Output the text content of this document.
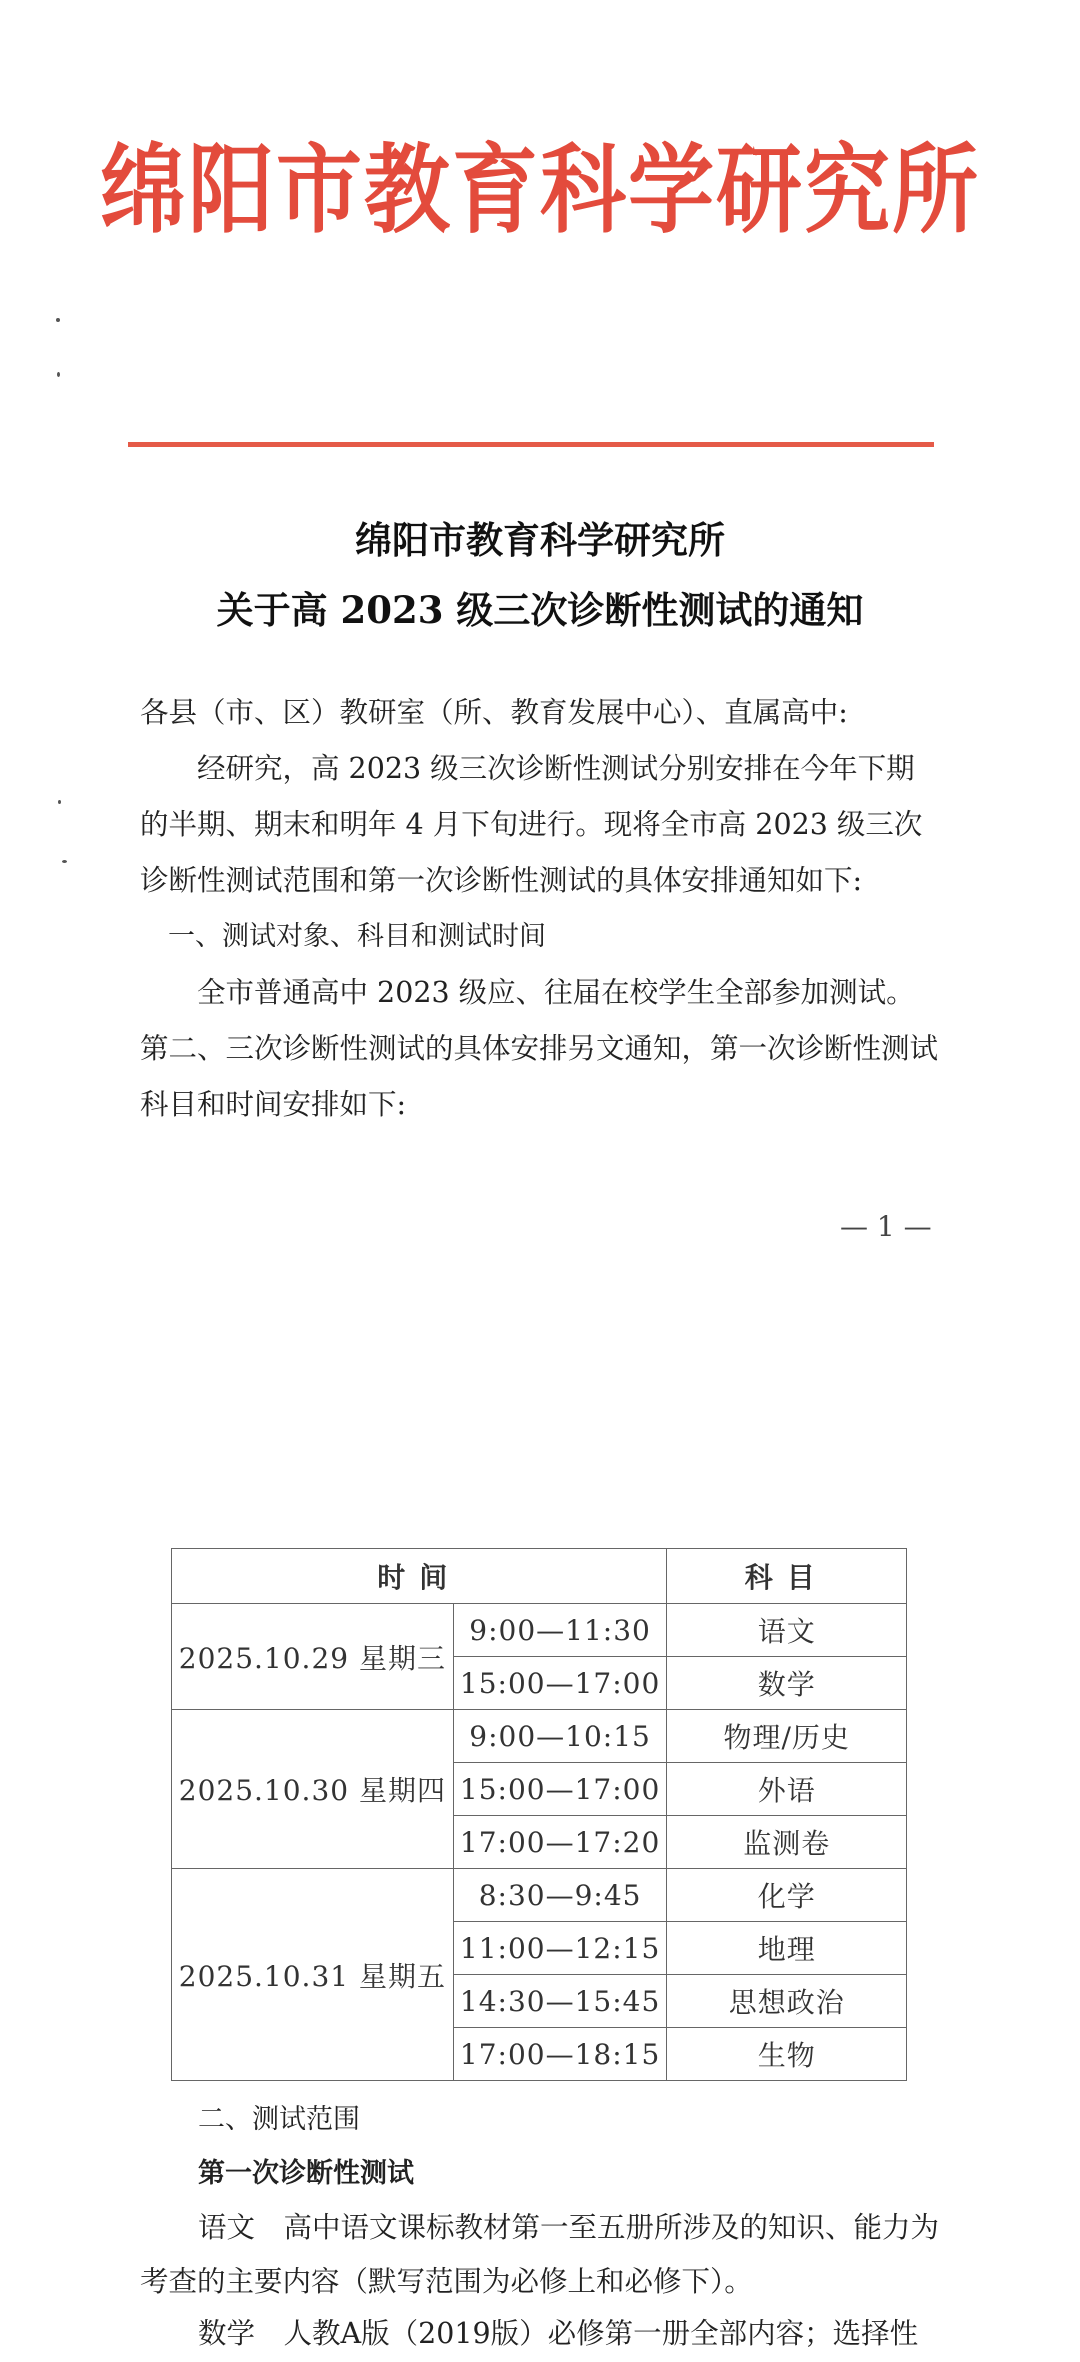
绵阳市教育科学研究所
绵阳市教育科学研究所
关于高 2023 级三次诊断性测试的通知
各县（市、区）教研室（所、教育发展中心）、直属高中:
经研究，高 2023 级三次诊断性测试分别安排在今年下期的半期、期末和明年 4 月下旬进行。现将全市高 2023 级三次诊断性测试范围和第一次诊断性测试的具体安排通知如下:
一、测试对象、科目和测试时间
全市普通高中 2023 级应、往届在校学生全部参加测试。第二、三次诊断性测试的具体安排另文通知，第一次诊断性测试科目和时间安排如下:
— 1 —
时间		科目
2025.10.29 星期三	9:00—11:30	语文
	15:00—17:00	数学
2025.10.30 星期四	9:00—10:15	物理/历史
	15:00—17:00	外语
	17:00—17:20	监测卷
2025.10.31 星期五	8:30—9:45	化学
	11:00—12:15	地理
	14:30—15:45	思想政治
	17:00—18:15	生物
二、测试范围
第一次诊断性测试
语文　高中语文课标教材第一至五册所涉及的知识、能力为
考查的主要内容（默写范围为必修上和必修下）。
数学　人教A版（2019版）必修第一册全部内容；选择性
